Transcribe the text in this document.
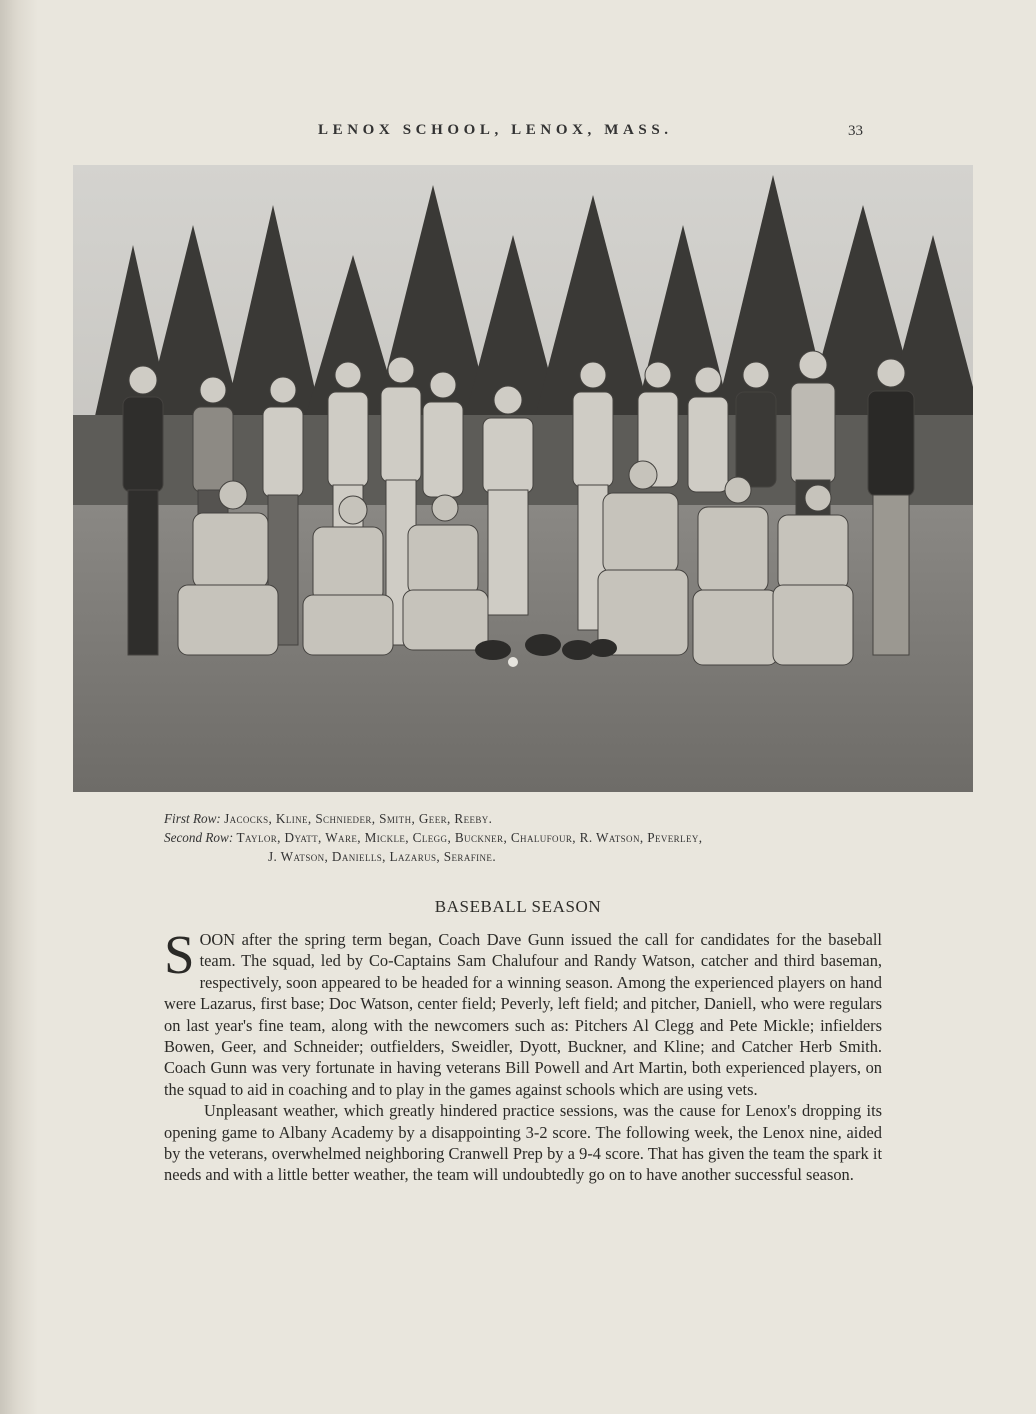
LENOX SCHOOL, LENOX, MASS.	33
First Row: Jacocks, Kline, Schnieder, Smith, Geer, Reeby.
Second Row: Taylor, Dyatt, Ware, Mickle, Clegg, Buckner, Chalufour, R. Watson, Peverley,
J. Watson, Daniells, Lazarus, Serafine.
BASEBALL SEASON

SOON after the spring term began, Coach Dave Gunn issued the call for candidates for the baseball team. The squad, led by Co-Captains Sam Chalufour and Randy Watson, catcher and third baseman, respectively, soon appeared to be headed for a winning season. Among the experienced players on hand were Lazarus, first base; Doc Watson, center field; Peverly, left field; and pitcher, Daniell, who were regulars on last year's fine team, along with the newcomers such as: Pitchers Al Clegg and Pete Mickle; infielders Bowen, Geer, and Schneider; outfielders, Sweidler, Dyott, Buckner, and Kline; and Catcher Herb Smith. Coach Gunn was very fortunate in having veterans Bill Powell and Art Martin, both experienced players, on the squad to aid in coaching and to play in the games against schools which are using vets.

Unpleasant weather, which greatly hindered practice sessions, was the cause for Lenox's dropping its opening game to Albany Academy by a disappointing 3-2 score. The following week, the Lenox nine, aided by the veterans, overwhelmed neighboring Cranwell Prep by a 9-4 score. That has given the team the spark it needs and with a little better weather, the team will undoubtedly go on to have another successful season.
